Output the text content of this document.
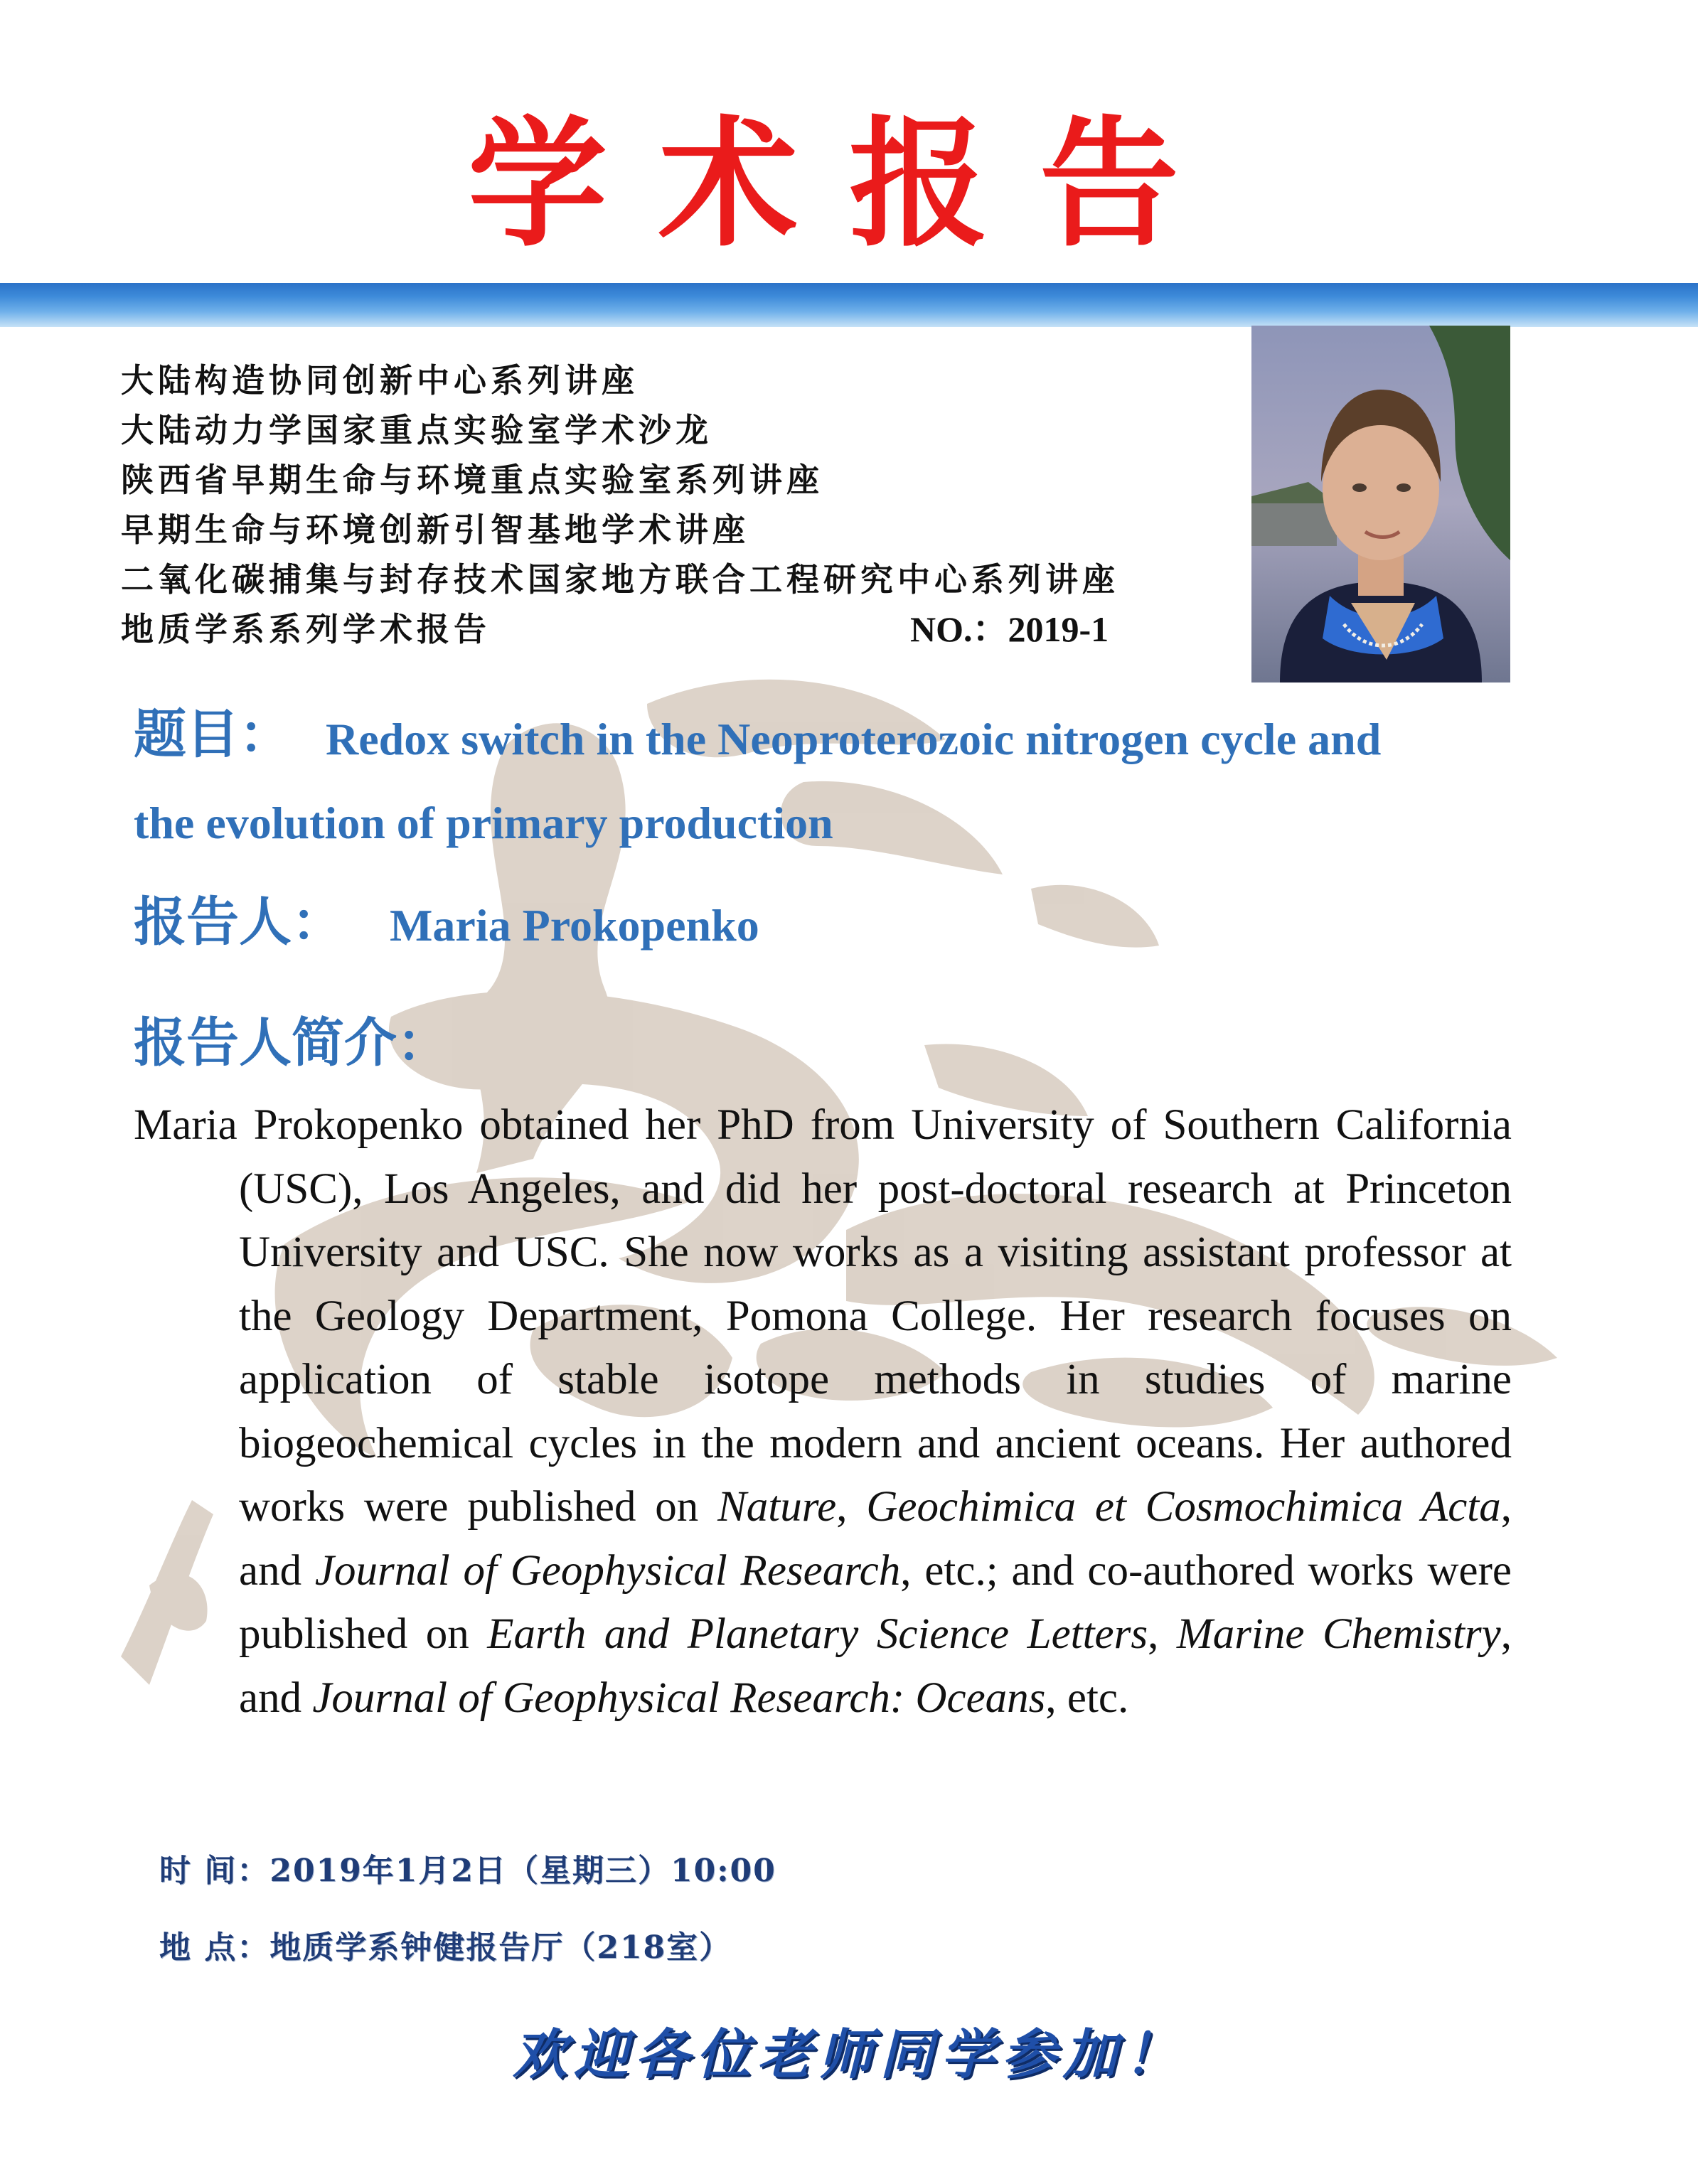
学术报告
大陆构造协同创新中心系列讲座
大陆动力学国家重点实验室学术沙龙
陕西省早期生命与环境重点实验室系列讲座
早期生命与环境创新引智基地学术讲座
二氧化碳捕集与封存技术国家地方联合工程研究中心系列讲座
地质学系系列学术报告	NO.：2019-1
题目： Redox switch in the Neoproterozoic nitrogen cycle and
the evolution of primary production
报告人： Maria Prokopenko
报告人简介：
Maria Prokopenko obtained her PhD from University of Southern California (USC), Los Angeles, and did her post-doctoral research at Princeton University and USC. She now works as a visiting assistant professor at the Geology Department, Pomona College. Her research focuses on application of stable isotope methods in studies of marine biogeochemical cycles in the modern and ancient oceans. Her authored works were published on Nature, Geochimica et Cosmochimica Acta, and Journal of Geophysical Research, etc.; and co-authored works were published on Earth and Planetary Science Letters, Marine Chemistry, and Journal of Geophysical Research: Oceans, etc.
时 间：2019年1月2日（星期三）10:00
地 点：地质学系钟健报告厅（218室）
欢迎各位老师同学参加！
